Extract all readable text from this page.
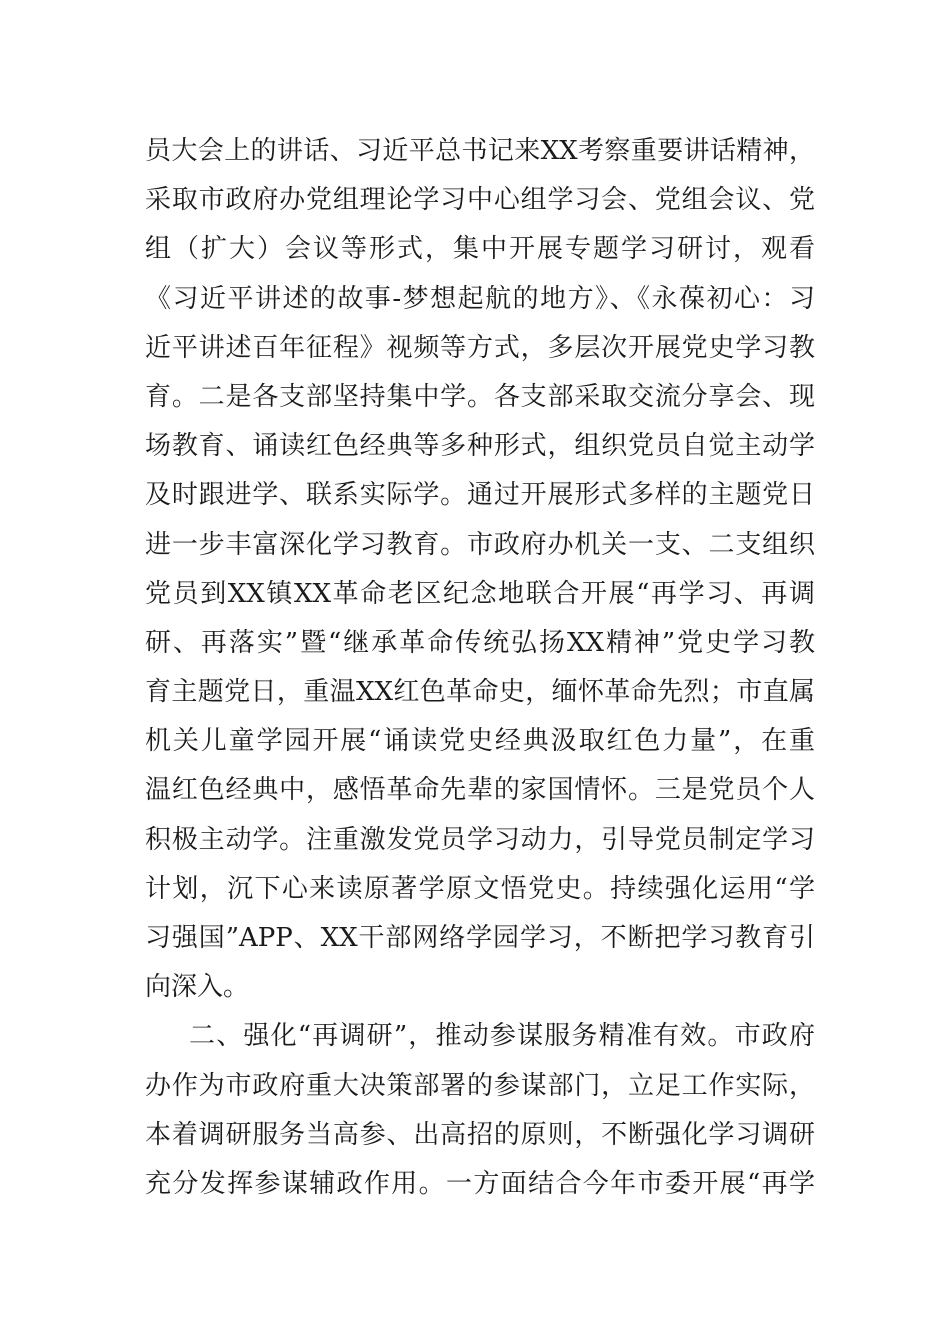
员大会上的讲话、习近平总书记来XX考察重要讲话精神，
采取市政府办党组理论学习中心组学习会、党组会议、党
组（扩大）会议等形式，集中开展专题学习研讨，观看
《习近平讲述的故事-梦想起航的地方》、《永葆初心：习
近平讲述百年征程》视频等方式，多层次开展党史学习教
育。二是各支部坚持集中学。各支部采取交流分享会、现
场教育、诵读红色经典等多种形式，组织党员自觉主动学
及时跟进学、联系实际学。通过开展形式多样的主题党日
进一步丰富深化学习教育。市政府办机关一支、二支组织
党员到XX镇XX革命老区纪念地联合开展“再学习、再调
研、再落实”暨“继承革命传统弘扬XX精神”党史学习教
育主题党日，重温XX红色革命史，缅怀革命先烈；市直属
机关儿童学园开展“诵读党史经典汲取红色力量”，在重
温红色经典中，感悟革命先辈的家国情怀。三是党员个人
积极主动学。注重激发党员学习动力，引导党员制定学习
计划，沉下心来读原著学原文悟党史。持续强化运用“学
习强国”APP、XX干部网络学园学习，不断把学习教育引
向深入。
二、强化“再调研”，推动参谋服务精准有效。市政府
办作为市政府重大决策部署的参谋部门，立足工作实际，
本着调研服务当高参、出高招的原则，不断强化学习调研
充分发挥参谋辅政作用。一方面结合今年市委开展“再学
